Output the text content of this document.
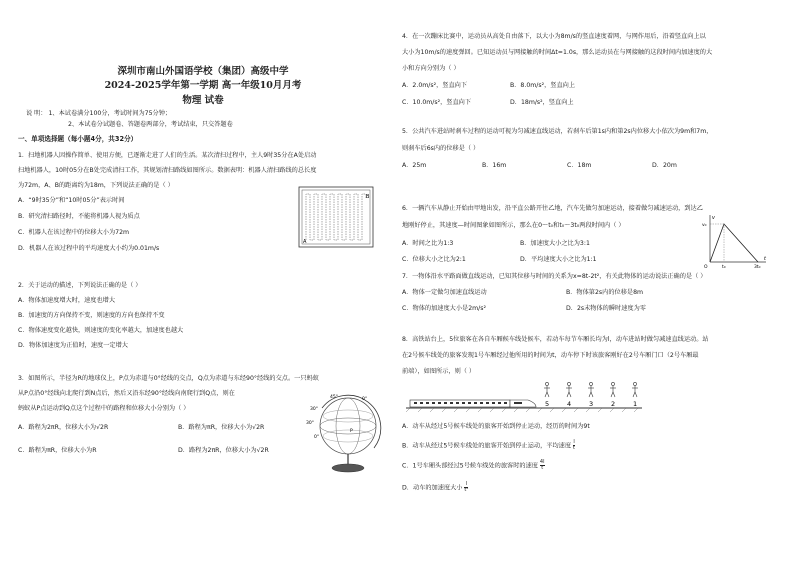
深圳市南山外国语学校（集团）高级中学
2024-2025学年第一学期 高一年级10月月考
物理 试卷
说 明： 1、本试卷满分100分，考试时间为75分钟；
2、本试卷分试题卷、答题卷两部分，考试结束，只交答题卷
一、单项选择题（每小题4分，共32分）
1．扫地机器人因操作简单、使用方便，已逐渐走进了人们的生活。某次清扫过程中，主人9时35分在A处启动
扫地机器人，10时05分在B处完成清扫工作，其规划清扫路线如图所示。数据表明：机器人清扫路线的总长度
为72m，A、B的距离约为18m，下列说法正确的是（ ）
A．“9时35分”和“10时05分”表示时间
B．研究清扫路径时，不能将机器人视为质点
C．机器人在该过程中的位移大小为72m
D．机器人在该过程中的平均速度大小约为0.01m/s
A
B
2．关于运动的描述，下列说法正确的是（ ）
A．物体加速度增大时，速度也增大
B．加速度的方向保持不变，则速度的方向也保持不变
C．物体速度变化越快，则速度的变化率越大，加速度也越大
D．物体加速度为正值时，速度一定增大
3．如图所示，半径为R的地球仪上，P点为赤道与0°经线的交点，Q点为赤道与东经90°经线的交点。一只蚂蚁
从P点沿0°经线向北爬行到N点后，然后又沿东经90°经线向南爬行到Q点，则在
蚂蚁从P点运动到Q点这个过程中的路程和位移大小分别为（ ）
A．路程为2πR，位移大小为√2R	B．路程为πR，位移大小为√2R
C．路程为πR，位移大小为R	D．路程为2πR，位移大小为√2R
45°
30°
30°
0°
0°
P
4．在一次蹦床比赛中，运动员从高处自由落下，以大小为8m/s的竖直速度着网，与网作用后，沿着竖直向上以
大小为10m/s的速度弹回。已知运动员与网接触的时间Δt=1.0s，那么运动员在与网接触的这段时间内加速度的大
小和方向分别为（ ）
A．2.0m/s²，竖直向下	B．8.0m/s²，竖直向上
C．10.0m/s²，竖直向下	D．18m/s²，竖直向上
5．公共汽车进站时刹车过程的运动可视为匀减速直线运动，若刹车后第1s内和第2s内位移大小依次为9m和7m，
则刹车后6s内的位移是（ ）
A．25m	B．16m	C．18m	D．20m
6．一辆汽车从静止开始由甲地出发，沿平直公路开往乙地，汽车先做匀加速运动，接着做匀减速运动，到达乙
地刚好停止，其速度—时间图象如图所示，那么在0～t₀和t₀～3t₀两段时间内（ ）
A．时间之比为1:3	B．加速度大小之比为3:1
C．位移大小之比为2:1	D．平均速度大小之比为1:1
v
v₀
O	t₀	3t₀
t
7．一物体沿水平路面做直线运动，已知其位移与时间的关系为x=8t-2t²，有关此物体的运动说法正确的是（ ）
A．物体一定做匀加速直线运动	B．物体第2s内的位移是8m
C．物体的加速度大小是2m/s²	D．2s末物体的瞬时速度为零
8．高铁站台上，5位旅客在各自车厢候车线处候车，若动车每节车厢长均为l，动车进站时做匀减速直线运动。站
在2号候车线处的旅客发现1号车厢经过他所用的时间为t，动车停下时该旅客刚好在2号车厢门口（2号车厢最
前端），如图所示，则（ ）
5	4	3	2	1
A．动车从经过5号候车线处的旅客开始到停止运动，经历的时间为9t
B．动车从经过5号候车线处的旅客开始到停止运动，平均速度 $\frac{l}{t}$
C．1号车厢头部经过5号候车线处的旅客时的速度 $\frac{4l}{t}$
D．动车的加速度大小 $\frac{l}{\text{t²}}$
